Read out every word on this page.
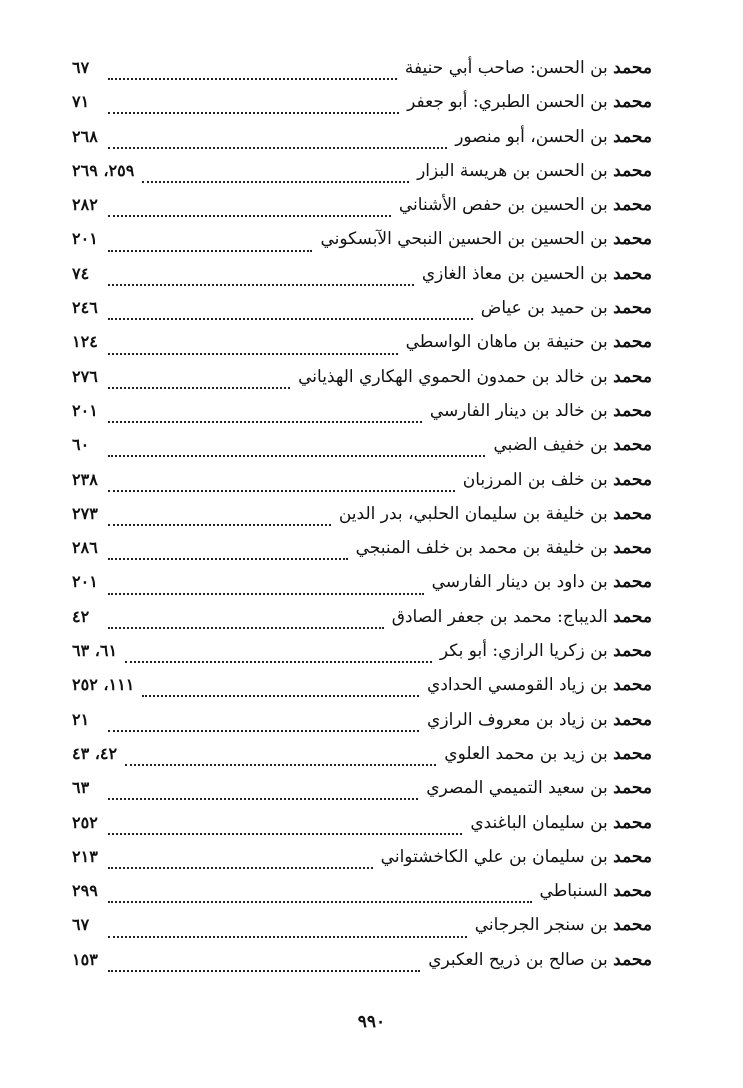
محمد بن الحسن: صاحب أبي حنيفة
٦٧
محمد بن الحسن الطبري: أبو جعفر
٧١
محمد بن الحسن، أبو منصور
٢٦٨
محمد بن الحسن بن هريسة البزار
٢٥٩، ٢٦٩
محمد بن الحسين بن حفص الأشناني
٢٨٢
محمد بن الحسين بن الحسين النبحي الآبسكوني
٢٠١
محمد بن الحسين بن معاذ الغازي
٧٤
محمد بن حميد بن عياض
٢٤٦
محمد بن حنيفة بن ماهان الواسطي
١٢٤
محمد بن خالد بن حمدون الحموي الهكاري الهذياني
٢٧٦
محمد بن خالد بن دينار الفارسي
٢٠١
محمد بن خفيف الضبي
٦٠
محمد بن خلف بن المرزبان
٢٣٨
محمد بن خليفة بن سليمان الحلبي، بدر الدين
٢٧٣
محمد بن خليفة بن محمد بن خلف المنبجي
٢٨٦
محمد بن داود بن دينار الفارسي
٢٠١
محمد الديباج: محمد بن جعفر الصادق
٤٢
محمد بن زكريا الرازي: أبو بكر
٦١، ٦٣
محمد بن زياد القومسي الحدادي
١١١، ٢٥٢
محمد بن زياد بن معروف الرازي
٢١
محمد بن زيد بن محمد العلوي
٤٢، ٤٣
محمد بن سعيد التميمي المصري
٦٣
محمد بن سليمان الباغندي
٢٥٢
محمد بن سليمان بن علي الكاخشتواني
٢١٣
محمد السنباطي
٢٩٩
محمد بن سنجر الجرجاني
٦٧
محمد بن صالح بن ذريح العكبري
١٥٣
٩٩٠
